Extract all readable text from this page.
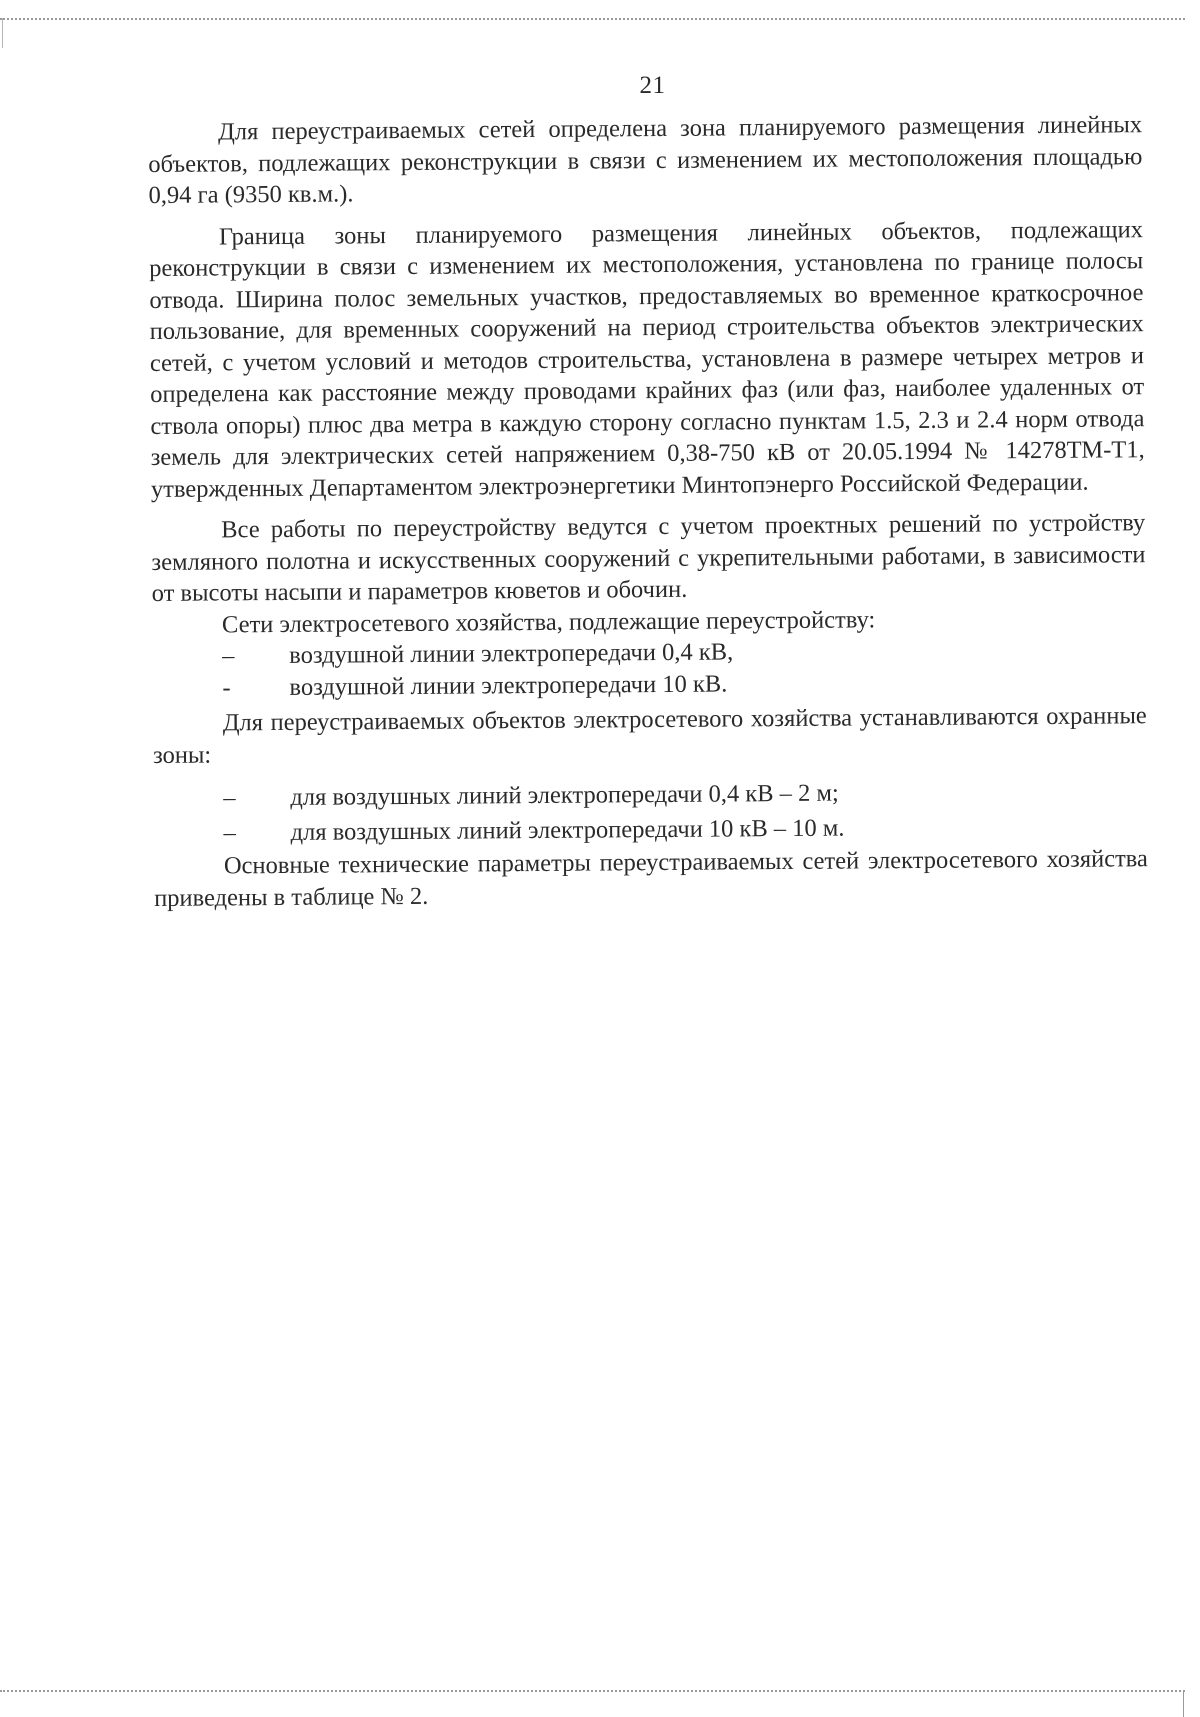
21

Для переустраиваемых сетей определена зона планируемого размещения линейных объектов, подлежащих реконструкции в связи с изменением их местоположения площадью 0,94 га (9350 кв.м.).

Граница зоны планируемого размещения линейных объектов, подлежащих реконструкции в связи с изменением их местоположения, установлена по границе полосы отвода. Ширина полос земельных участков, предоставляемых во временное краткосрочное пользование, для временных сооружений на период строительства объектов электрических сетей, с учетом условий и методов строительства, установлена в размере четырех метров и определена как расстояние между проводами крайних фаз (или фаз, наиболее удаленных от ствола опоры) плюс два метра в каждую сторону согласно пунктам 1.5, 2.3 и 2.4 норм отвода земель для электрических сетей напряжением 0,38-750 кВ от 20.05.1994 № 14278ТМ-Т1, утвержденных Департаментом электроэнергетики Минтопэнерго Российской Федерации.

Все работы по переустройству ведутся с учетом проектных решений по устройству земляного полотна и искусственных сооружений с укрепительными работами, в зависимости от высоты насыпи и параметров кюветов и обочин.

Сети электросетевого хозяйства, подлежащие переустройству:

–	воздушной линии электропередачи 0,4 кВ,
-	воздушной линии электропередачи 10 кВ.

Для переустраиваемых объектов электросетевого хозяйства устанавливаются охранные зоны:

–	для воздушных линий электропередачи 0,4 кВ – 2 м;
–	для воздушных линий электропередачи 10 кВ – 10 м.

Основные технические параметры переустраиваемых сетей электросетевого хозяйства приведены в таблице № 2.
